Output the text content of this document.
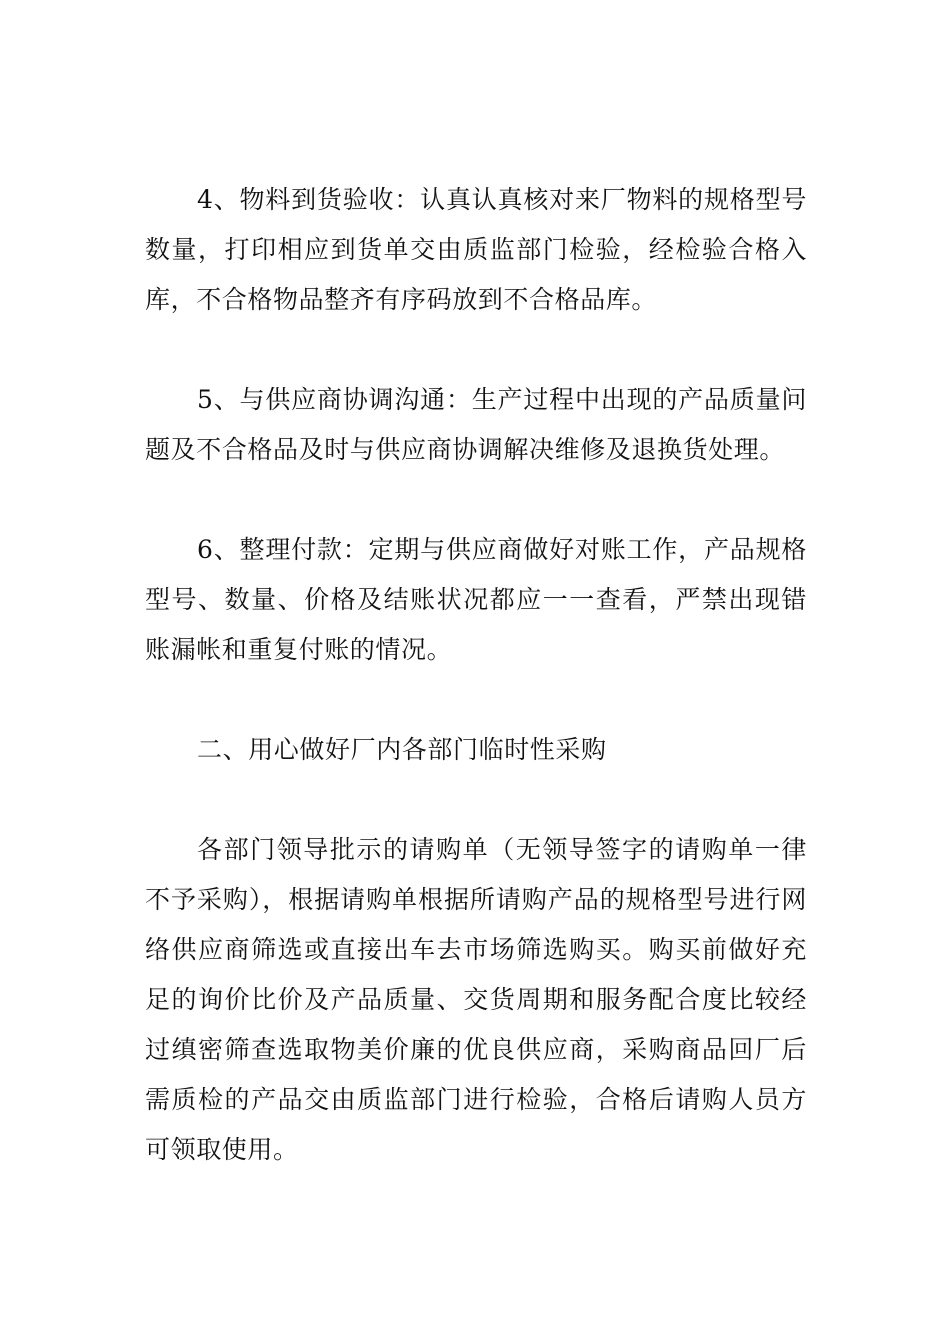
4、物料到货验收：认真认真核对来厂物料的规格型号数量，打印相应到货单交由质监部门检验，经检验合格入库，不合格物品整齐有序码放到不合格品库。

5、与供应商协调沟通：生产过程中出现的产品质量问题及不合格品及时与供应商协调解决维修及退换货处理。

6、整理付款：定期与供应商做好对账工作，产品规格型号、数量、价格及结账状况都应一一查看，严禁出现错账漏帐和重复付账的情况。

二、用心做好厂内各部门临时性采购

各部门领导批示的请购单（无领导签字的请购单一律不予采购），根据请购单根据所请购产品的规格型号进行网络供应商筛选或直接出车去市场筛选购买。购买前做好充足的询价比价及产品质量、交货周期和服务配合度比较经过缜密筛查选取物美价廉的优良供应商，采购商品回厂后需质检的产品交由质监部门进行检验，合格后请购人员方可领取使用。
